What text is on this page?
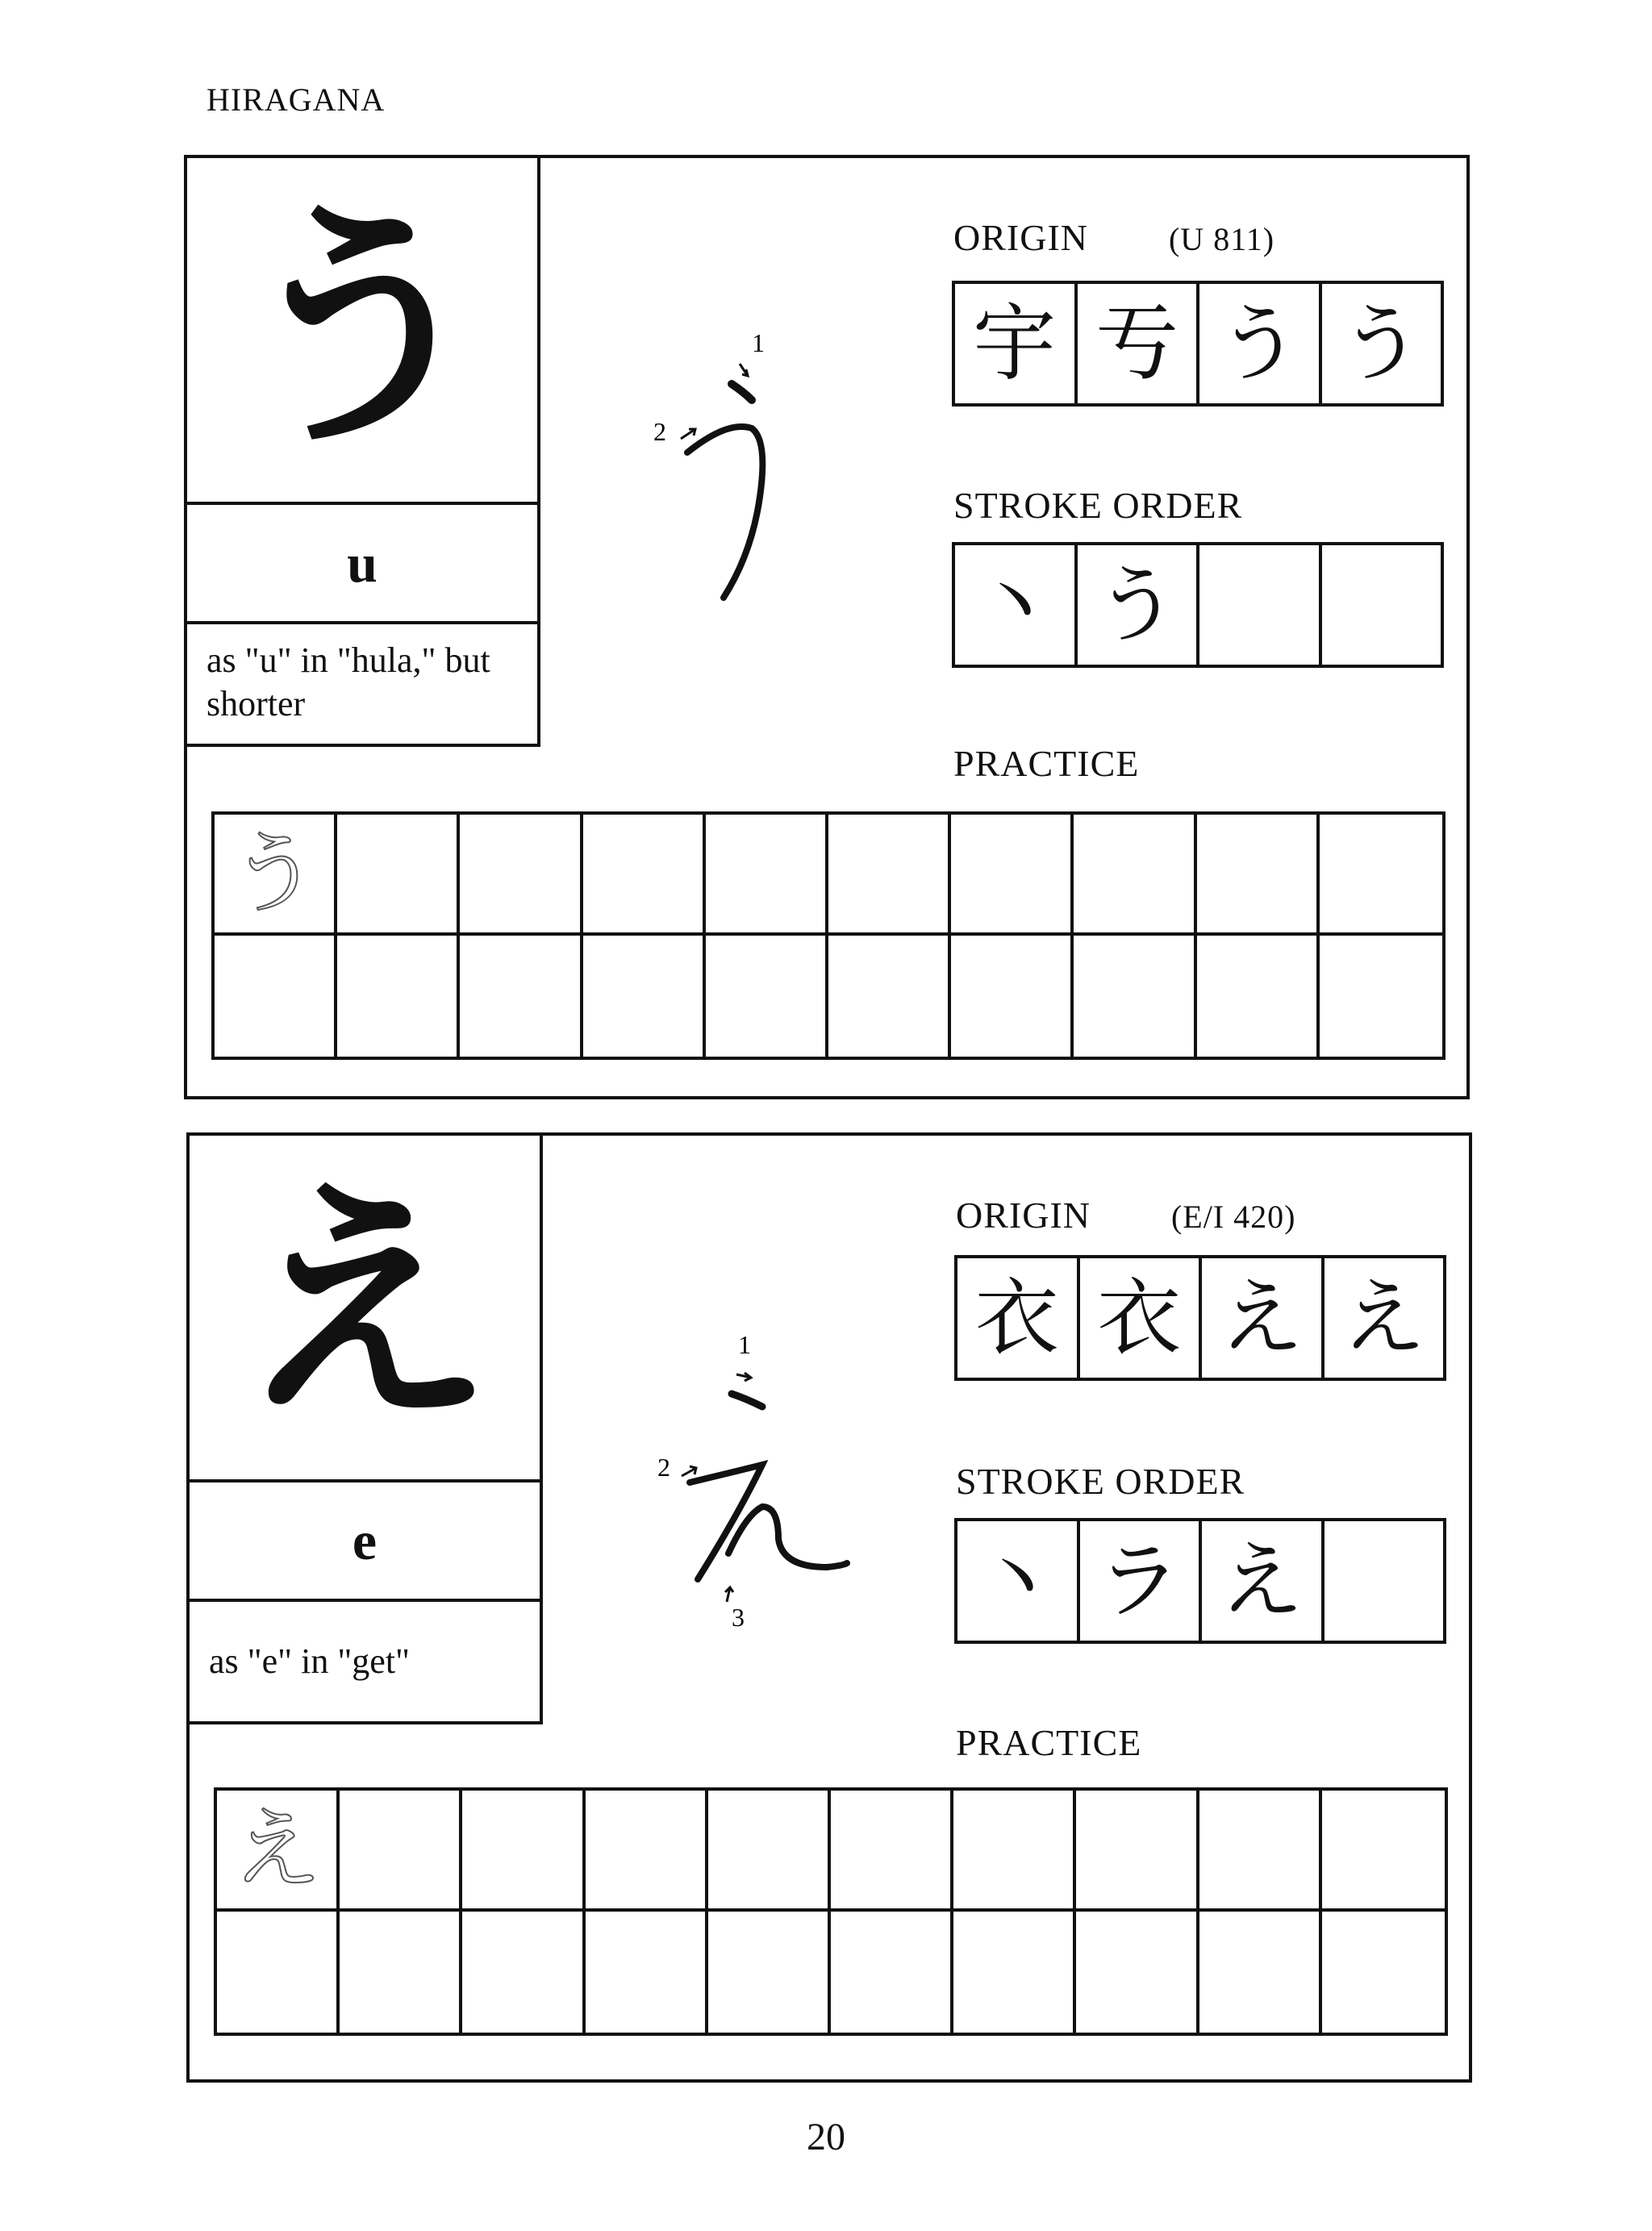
HIRAGANA
う
u
as "u" in "hula," but shorter
1
2
ORIGIN	(U 811)
宇 亐 う う
STROKE ORDER
丶 う
PRACTICE
う
え
e
as "e" in "get"
1
2
3
ORIGIN	(E/I 420)
衣 衣 え え
STROKE ORDER
丶 ラ え
PRACTICE
え
20
